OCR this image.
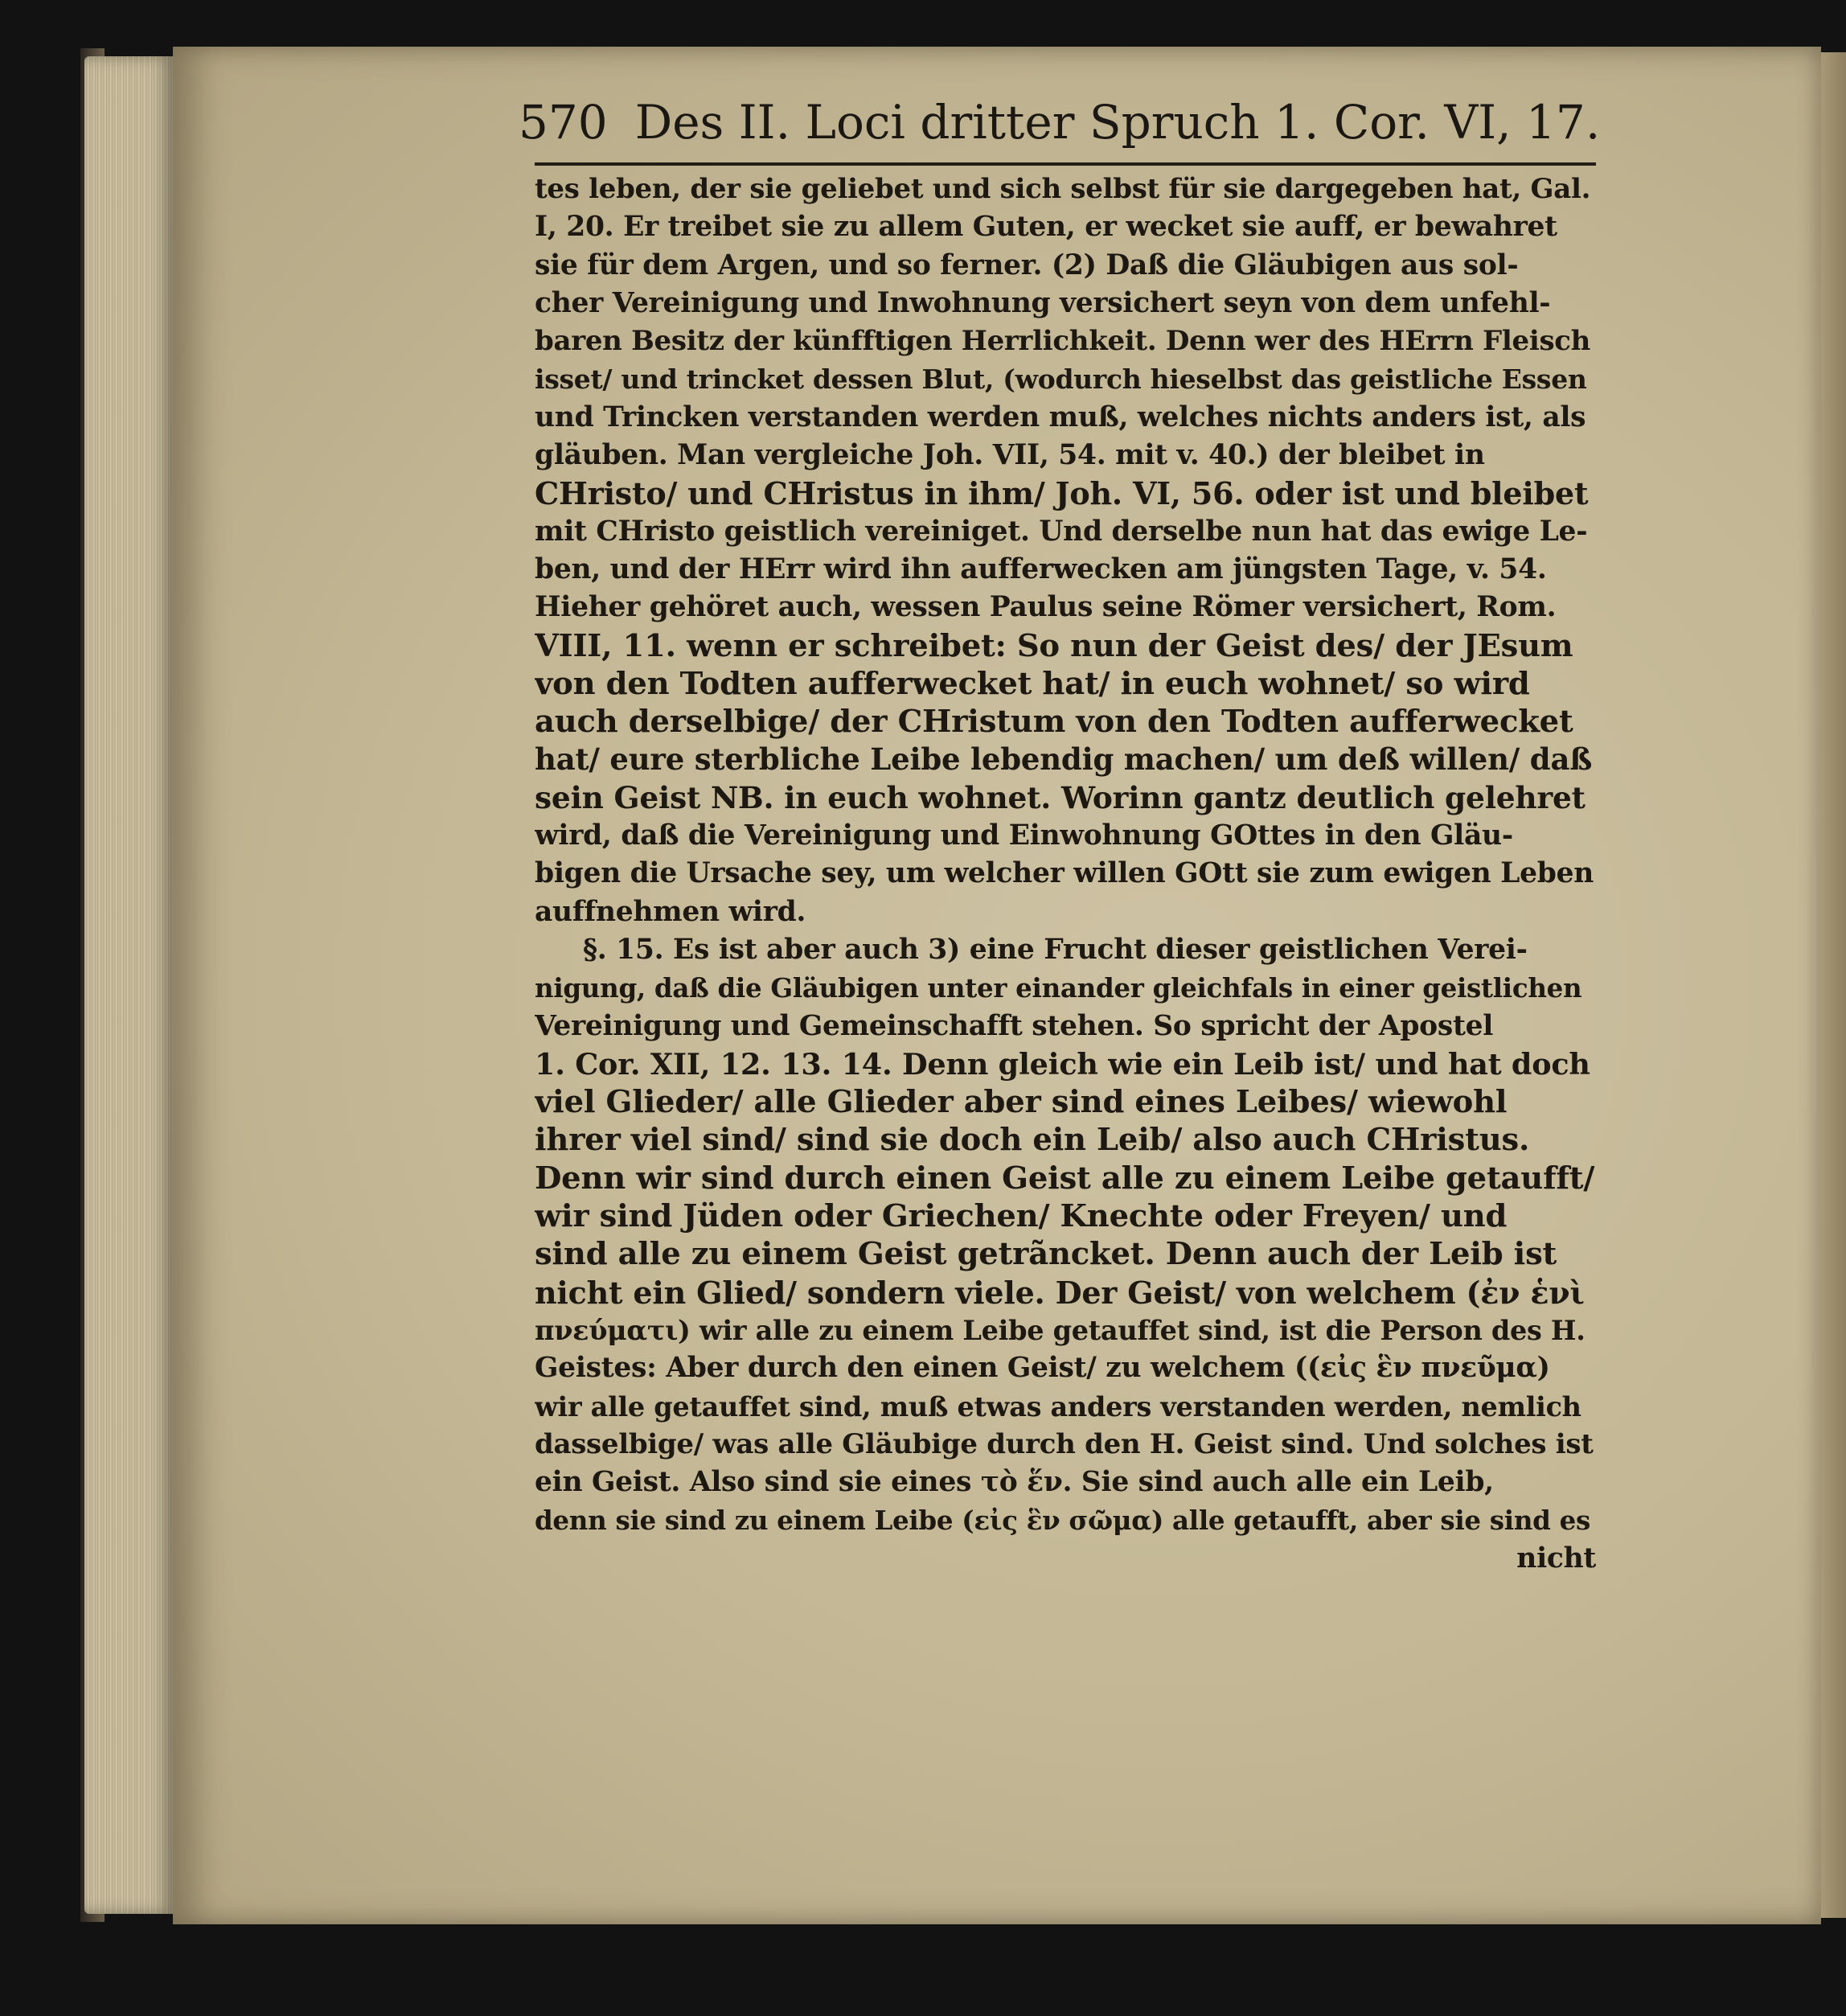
570 Des II. Loci dritter Spruch 1. Cor. VI, 17.
tes leben, der sie geliebet und sich selbst für sie dargegeben hat, Gal.
I, 20. Er treibet sie zu allem Guten, er wecket sie auff, er bewahret
sie für dem Argen, und so ferner. (2) Daß die Gläubigen aus sol-
cher Vereinigung und Inwohnung versichert seyn von dem unfehl-
baren Besitz der künfftigen Herrlichkeit. Denn wer des HErrn Fleisch
isset/ und trincket dessen Blut, (wodurch hieselbst das geistliche Essen
und Trincken verstanden werden muß, welches nichts anders ist, als
gläuben. Man vergleiche Joh. VII, 54. mit v. 40.) der bleibet in
CHristo/ und CHristus in ihm/ Joh. VI, 56. oder ist und bleibet
mit CHristo geistlich vereiniget. Und derselbe nun hat das ewige Le-
ben, und der HErr wird ihn aufferwecken am jüngsten Tage, v. 54.
Hieher gehöret auch, wessen Paulus seine Römer versichert, Rom.
VIII, 11. wenn er schreibet: So nun der Geist des/ der JEsum
von den Todten aufferwecket hat/ in euch wohnet/ so wird
auch derselbige/ der CHristum von den Todten aufferwecket
hat/ eure sterbliche Leibe lebendig machen/ um deß willen/ daß
sein Geist NB. in euch wohnet. Worinn gantz deutlich gelehret
wird, daß die Vereinigung und Einwohnung GOttes in den Gläu-
bigen die Ursache sey, um welcher willen GOtt sie zum ewigen Leben
auffnehmen wird.
§. 15. Es ist aber auch 3) eine Frucht dieser geistlichen Verei-
nigung, daß die Gläubigen unter einander gleichfals in einer geistlichen
Vereinigung und Gemeinschafft stehen. So spricht der Apostel
1. Cor. XII, 12. 13. 14. Denn gleich wie ein Leib ist/ und hat doch
viel Glieder/ alle Glieder aber sind eines Leibes/ wiewohl
ihrer viel sind/ sind sie doch ein Leib/ also auch CHristus.
Denn wir sind durch einen Geist alle zu einem Leibe getaufft/
wir sind Jüden oder Griechen/ Knechte oder Freyen/ und
sind alle zu einem Geist getrãncket. Denn auch der Leib ist
nicht ein Glied/ sondern viele. Der Geist/ von welchem (ἐν ἑνὶ
πνεύματι) wir alle zu einem Leibe getauffet sind, ist die Person des H.
Geistes: Aber durch den einen Geist/ zu welchem ((εἰς ἓν πνεῦμα)
wir alle getauffet sind, muß etwas anders verstanden werden, nemlich
dasselbige/ was alle Gläubige durch den H. Geist sind. Und solches ist
ein Geist. Also sind sie eines τὸ ἕν. Sie sind auch alle ein Leib,
denn sie sind zu einem Leibe (εἰς ἓν σῶμα) alle getaufft, aber sie sind es
nicht
